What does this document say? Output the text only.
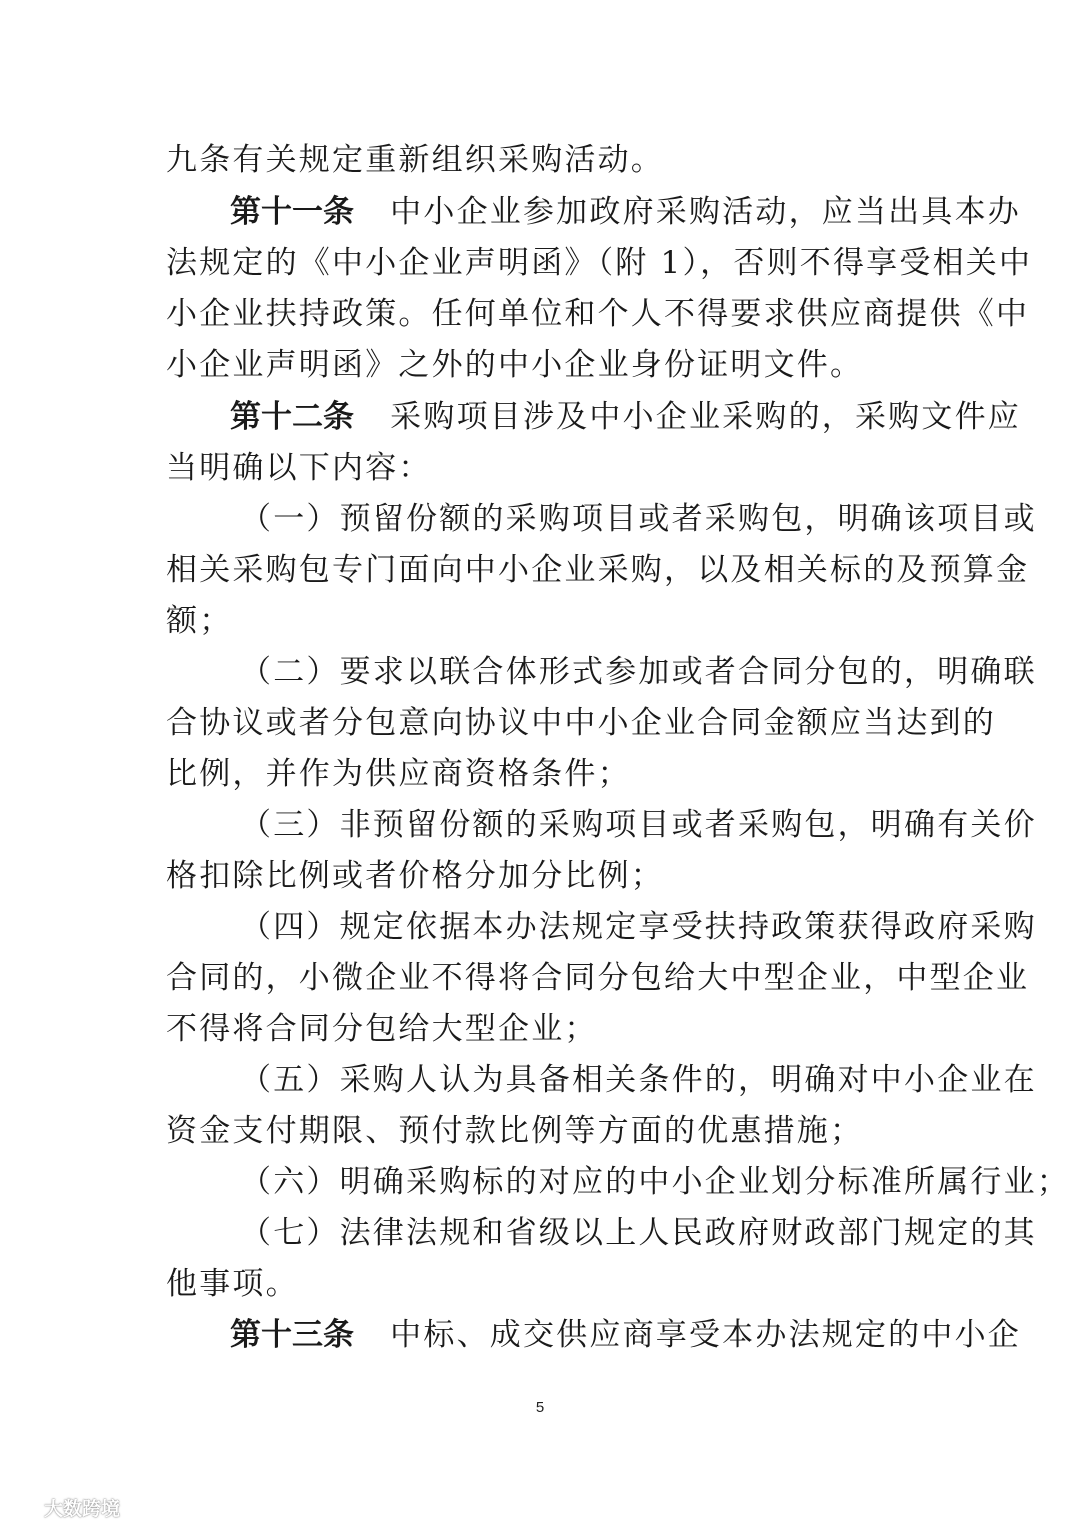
九条有关规定重新组织采购活动。
第十一条 中小企业参加政府采购活动，应当出具本办
法规定的《中小企业声明函》（附 1），否则不得享受相关中
小企业扶持政策。任何单位和个人不得要求供应商提供《中
小企业声明函》之外的中小企业身份证明文件。
第十二条 采购项目涉及中小企业采购的，采购文件应
当明确以下内容：
（一）预留份额的采购项目或者采购包，明确该项目或
相关采购包专门面向中小企业采购，以及相关标的及预算金
额；
（二）要求以联合体形式参加或者合同分包的，明确联
合协议或者分包意向协议中中小企业合同金额应当达到的
比例，并作为供应商资格条件；
（三）非预留份额的采购项目或者采购包，明确有关价
格扣除比例或者价格分加分比例；
（四）规定依据本办法规定享受扶持政策获得政府采购
合同的，小微企业不得将合同分包给大中型企业，中型企业
不得将合同分包给大型企业；
（五）采购人认为具备相关条件的，明确对中小企业在
资金支付期限、预付款比例等方面的优惠措施；
（六）明确采购标的对应的中小企业划分标准所属行业；
（七）法律法规和省级以上人民政府财政部门规定的其
他事项。
第十三条 中标、成交供应商享受本办法规定的中小企
5
大数跨境
